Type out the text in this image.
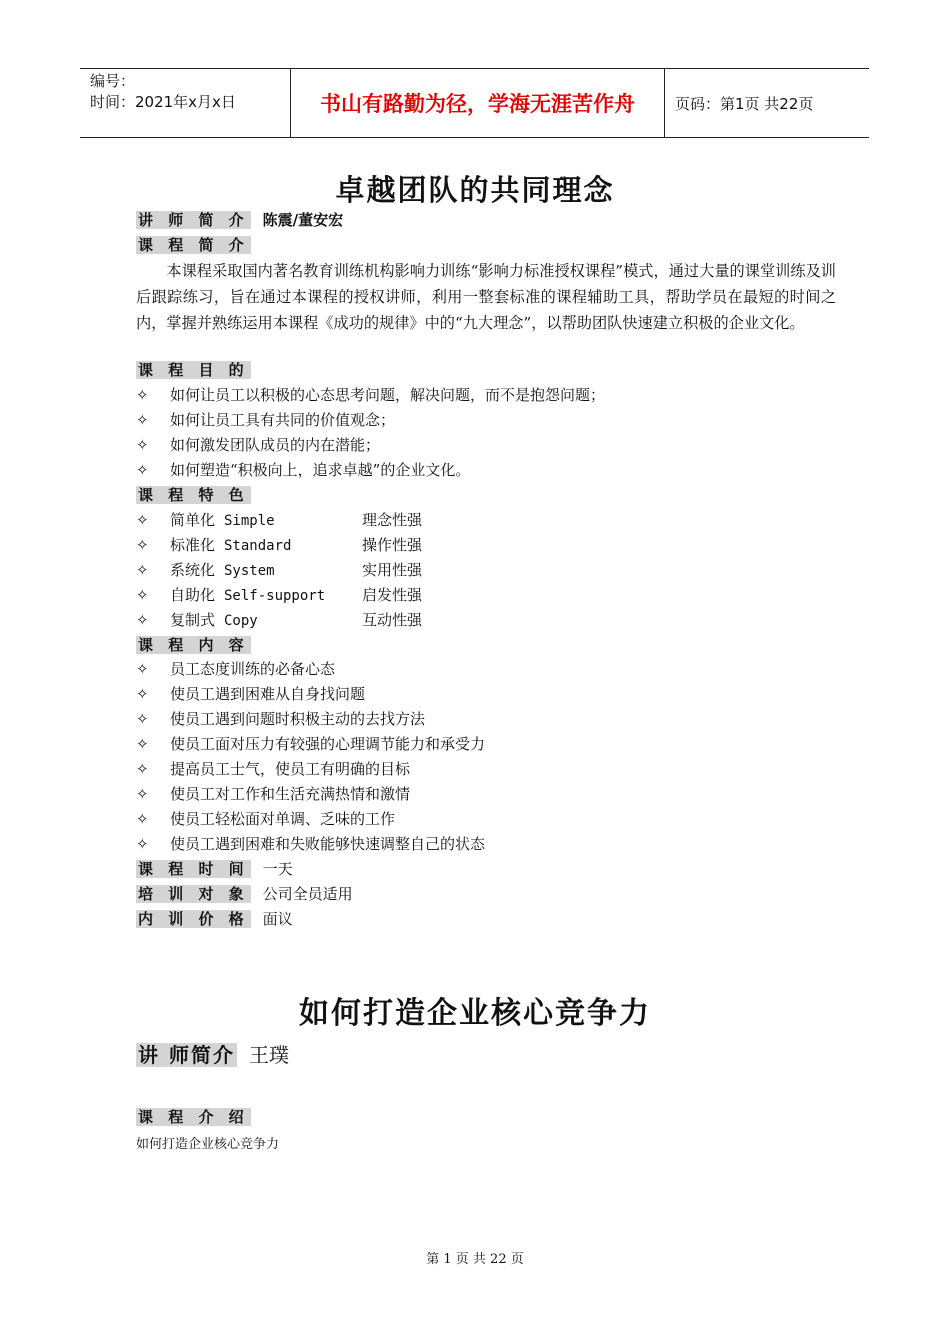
编号：
时间：2021年x月x日	书山有路勤为径，学海无涯苦作舟	页码：第1页 共22页
卓越团队的共同理念
讲 师 简 介 陈震/董安宏
课 程 简 介
本课程采取国内著名教育训练机构影响力训练“影响力标准授权课程”模式，通过大量的课堂训练及训后跟踪练习，旨在通过本课程的授权讲师，利用一整套标准的课程辅助工具，帮助学员在最短的时间之内，掌握并熟练运用本课程《成功的规律》中的“九大理念”，以帮助团队快速建立积极的企业文化。
课 程 目 的
✧ 如何让员工以积极的心态思考问题，解决问题，而不是抱怨问题；
✧ 如何让员工具有共同的价值观念；
✧ 如何激发团队成员的内在潜能；
✧ 如何塑造“积极向上，追求卓越”的企业文化。
课 程 特 色
✧ 简单化 Simple	理念性强
✧ 标准化 Standard	操作性强
✧ 系统化 System	实用性强
✧ 自助化 Self-support 启发性强
✧ 复制式 Copy	互动性强
课 程 内 容
✧ 员工态度训练的必备心态
✧ 使员工遇到困难从自身找问题
✧ 使员工遇到问题时积极主动的去找方法
✧ 使员工面对压力有较强的心理调节能力和承受力
✧ 提高员工士气，使员工有明确的目标
✧ 使员工对工作和生活充满热情和激情
✧ 使员工轻松面对单调、乏味的工作
✧ 使员工遇到困难和失败能够快速调整自己的状态
课 程 时 间 一天
培 训 对 象 公司全员适用
内 训 价 格 面议
如何打造企业核心竞争力
讲 师简介 王璞
课 程 介 绍
如何打造企业核心竞争力
第 1 页 共 22 页
